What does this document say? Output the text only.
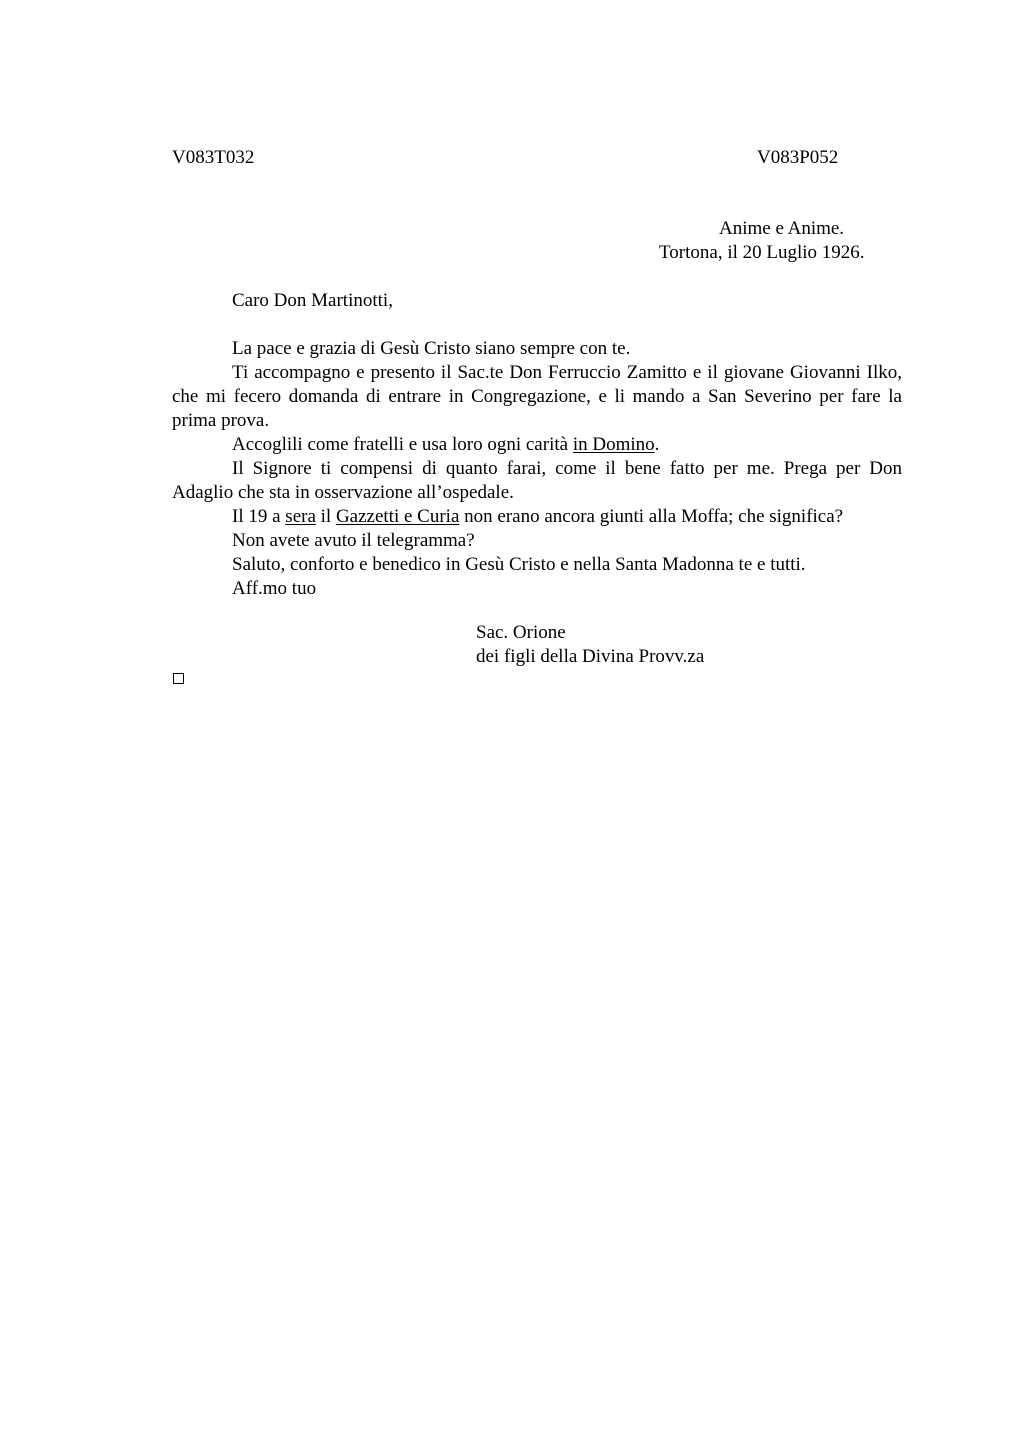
V083T032	V083P052
Anime e Anime.
Tortona, il 20 Luglio 1926.
Caro Don Martinotti,

La pace e grazia di Gesù Cristo siano sempre con te.

Ti accompagno e presento il Sac.te Don Ferruccio Zamitto e il giovane Giovanni Ilko, che mi fecero domanda di entrare in Congregazione, e li mando a San Severino per fare la prima prova.

Accoglili come fratelli e usa loro ogni carità in Domino.

Il Signore ti compensi di quanto farai, come il bene fatto per me. Prega per Don Adaglio che sta in osservazione all’ospedale.

Il 19 a sera il Gazzetti e Curia non erano ancora giunti alla Moffa; che significa?

Non avete avuto il telegramma?

Saluto, conforto e benedico in Gesù Cristo e nella Santa Madonna te e tutti.

Aff.mo tuo

Sac. Orione
dei figli della Divina Provv.za
